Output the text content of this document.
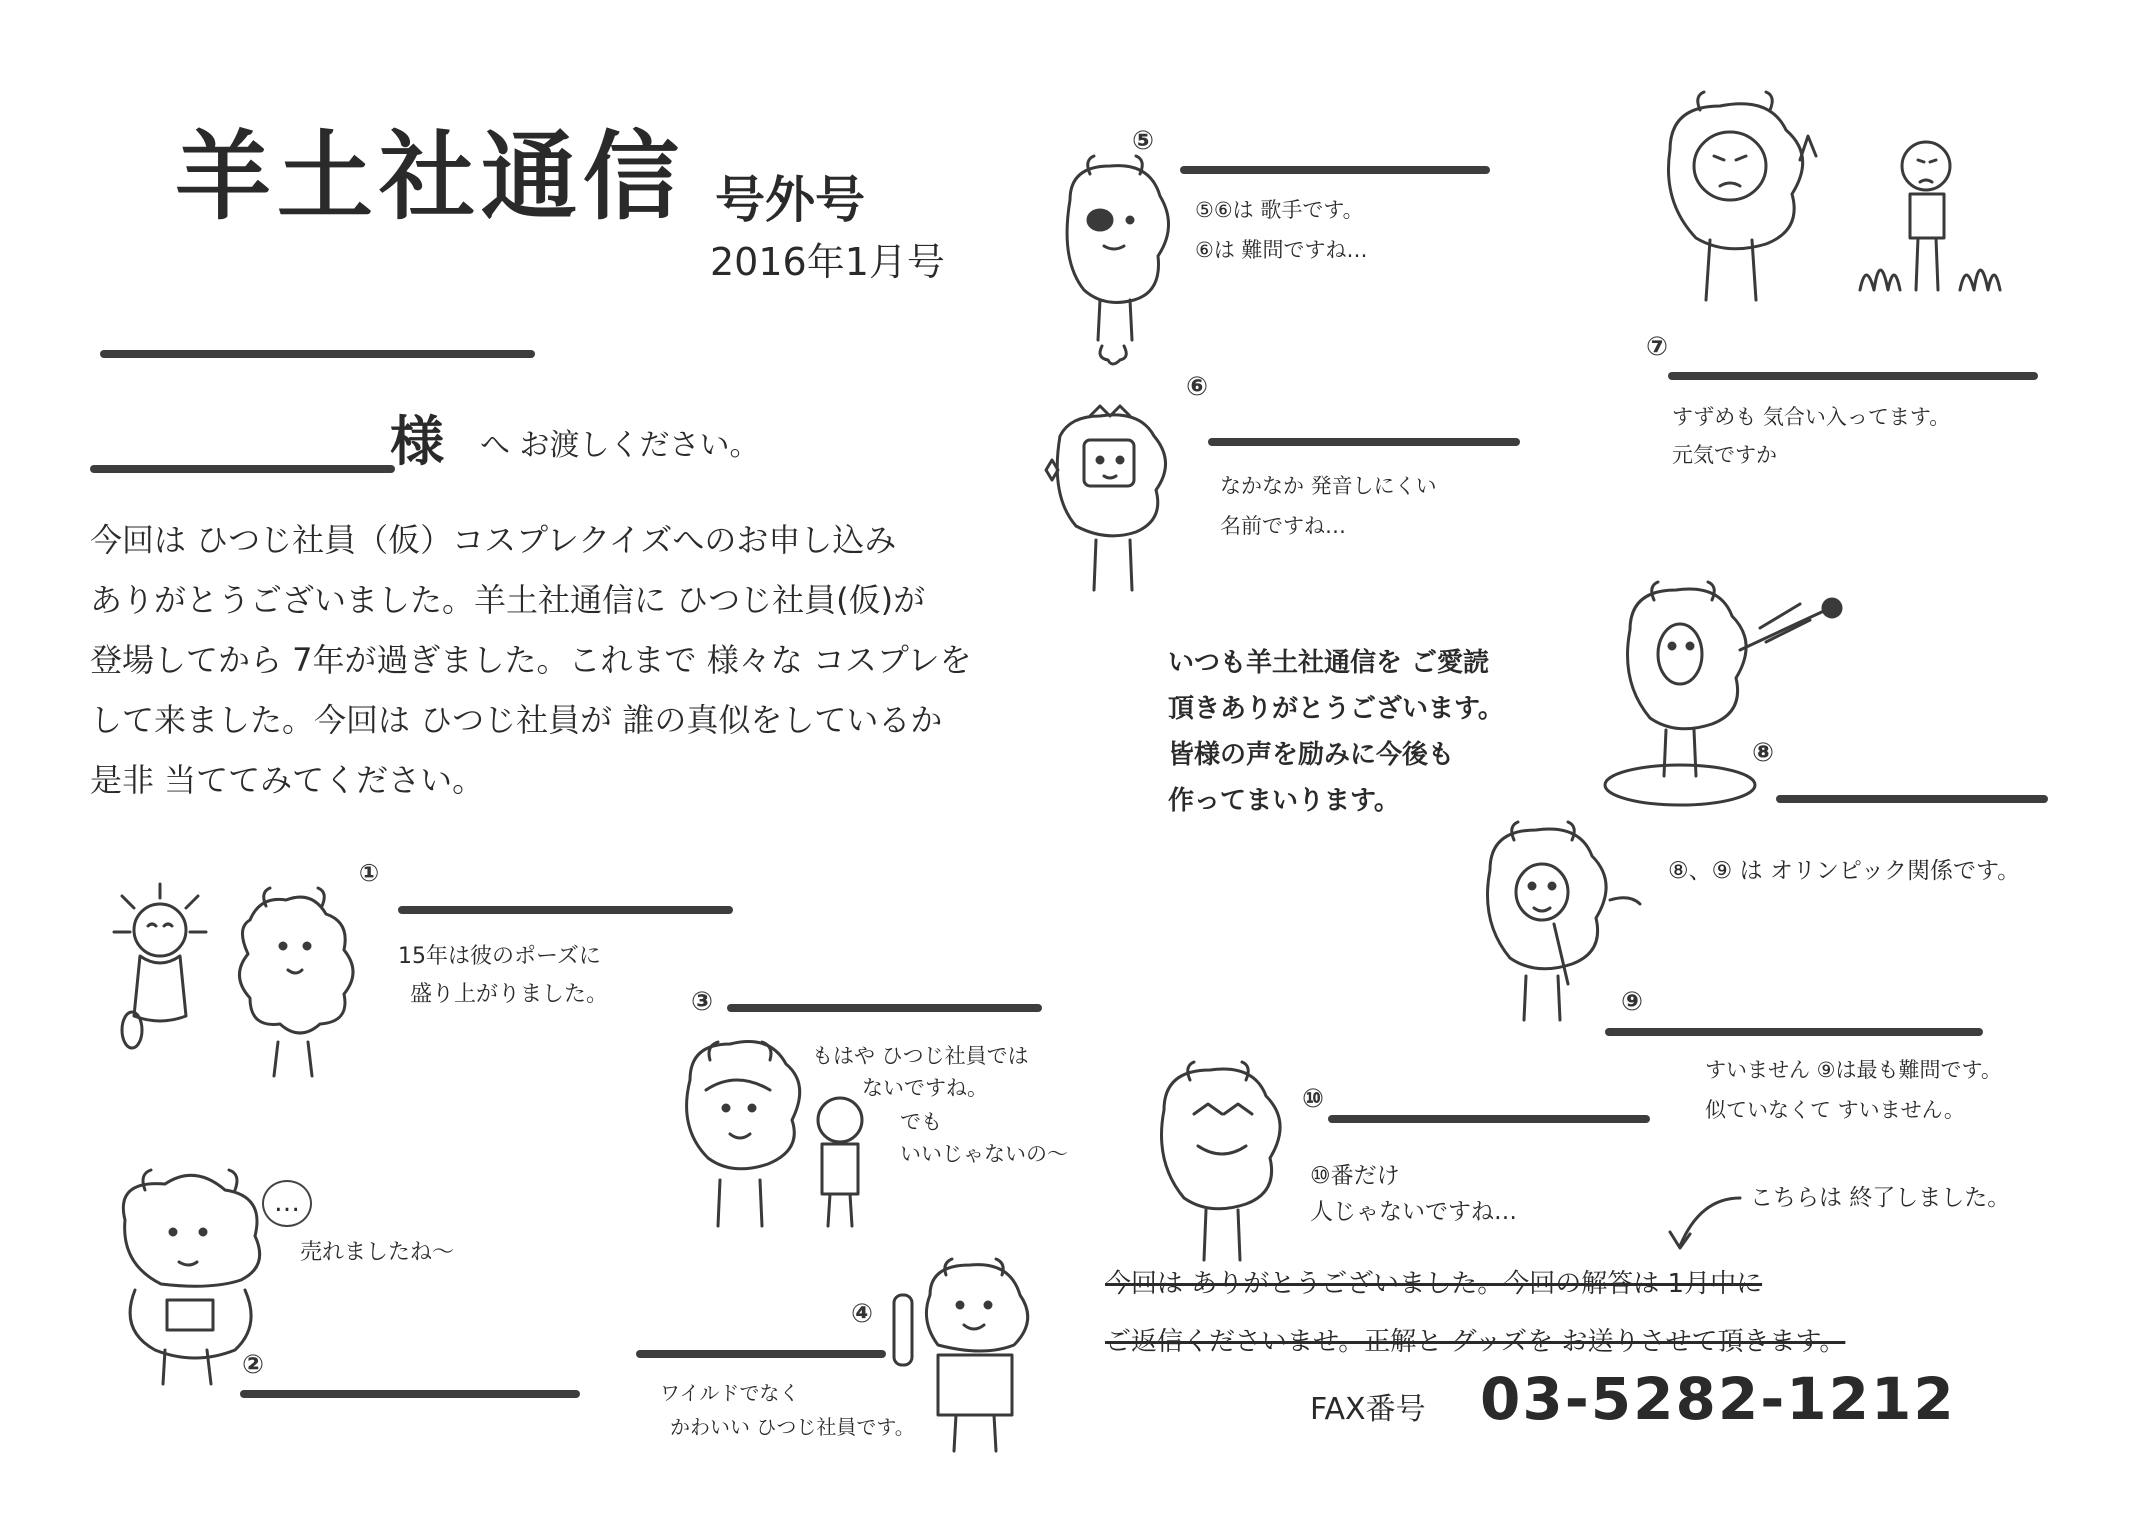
羊土社通信 号外号
2016年1月号
様 へ お渡しください。
今回は ひつじ社員（仮）コスプレクイズへのお申し込み
ありがとうございました。羊土社通信に ひつじ社員(仮)が
登場してから 7年が過ぎました。これまで 様々な コスプレを
して来ました。今回は ひつじ社員が 誰の真似をしているか
是非 当ててみてください。
①
15年は彼のポーズに
盛り上がりました。
…
売れましたね～
②
③
もはや ひつじ社員では
ないですね。
でも
いいじゃないの～
④
ワイルドでなく
かわいい ひつじ社員です。
⑤
⑤⑥は 歌手です。
⑥は 難問ですね…
⑥
なかなか 発音しにくい
名前ですね…
いつも羊土社通信を ご愛読
頂きありがとうございます。
皆様の声を励みに今後も
作ってまいります。
⑦
すずめも 気合い入ってます。
元気ですか
⑧
⑧、⑨ は オリンピック関係です。
⑨
すいません ⑨は最も難問です。
似ていなくて すいません。
⑩
⑩番だけ
人じゃないですね…
こちらは 終了しました。
今回は ありがとうございました。今回の解答は 1月中に
ご返信くださいませ。正解と グッズを お送りさせて頂きます。
FAX番号 03-5282-1212
